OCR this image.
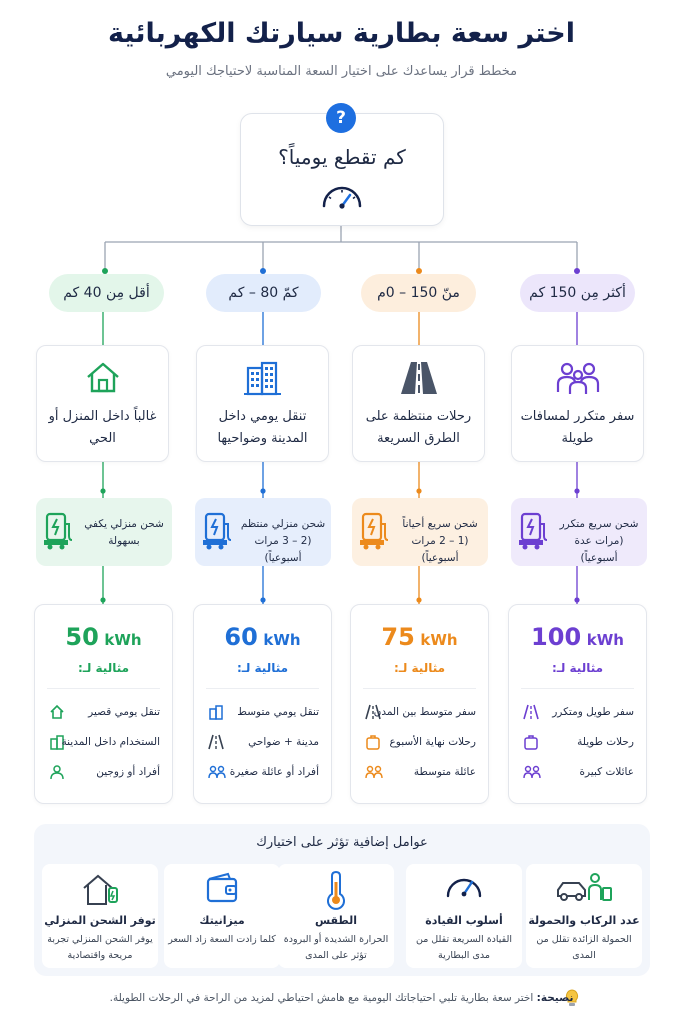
اختر سعة بطارية سيارتك الكهربائية
مخطط قرار يساعدك على اختيار السعة المناسبة لاحتياجك اليومي
?
كم تقطع يومياً؟
أقل مِن 40 كم	كمّ 80 – كم	منّ 150 – 0م	أكثر مِن 150 كم
غالباً داخل المنزل أو الحي
تنقل يومي داخل المدينة وضواحيها
رحلات منتظمة على الطرق السريعة
سفر متكرر لمسافات طويلة
شحن منزلي يكفي بسهولة
شحن منزلي منتظم (2 – 3 مرات أسبوعياً)
شحن سريع أحياناً (1 – 2 مرات أسبوعياً)
شحن سريع متكرر (مرات عدة أسبوعياً)
50 kWh
مثالية لـ:
تنقل يومي قصير
الستخدام داخل المدينة
أفراد أو زوجين
60 kWh
مثالية لـ:
تنقل يومي متوسط
مدينة + ضواحي
أفراد أو عائلة صغيرة
75 kWh
مثالية لـ:
سفر متوسط بين المدن
رحلات نهاية الأسبوع
عائلة متوسطة
100 kWh
مثالية لـ:
سفر طويل ومتكرر
رحلات طويلة
عائلات كبيرة
عوامل إضافية تؤثر على اختيارك
توفر الشحن المنزلي
يوفر الشحن المنزلي تجربة مريحة واقتصادية
ميزانيتك
كلما زادت السعة زاد السعر
الطقس
الحرارة الشديدة أو البرودة تؤثر على المدى
أسلوب القيادة
القيادة السريعة تقلل من مدى البطارية
عدد الركاب والحمولة
الحمولة الزائدة تقلل من المدى
نصيحة: اختر سعة بطارية تلبي احتياجاتك اليومية مع هامش احتياطي لمزيد من الراحة في الرحلات الطويلة.
